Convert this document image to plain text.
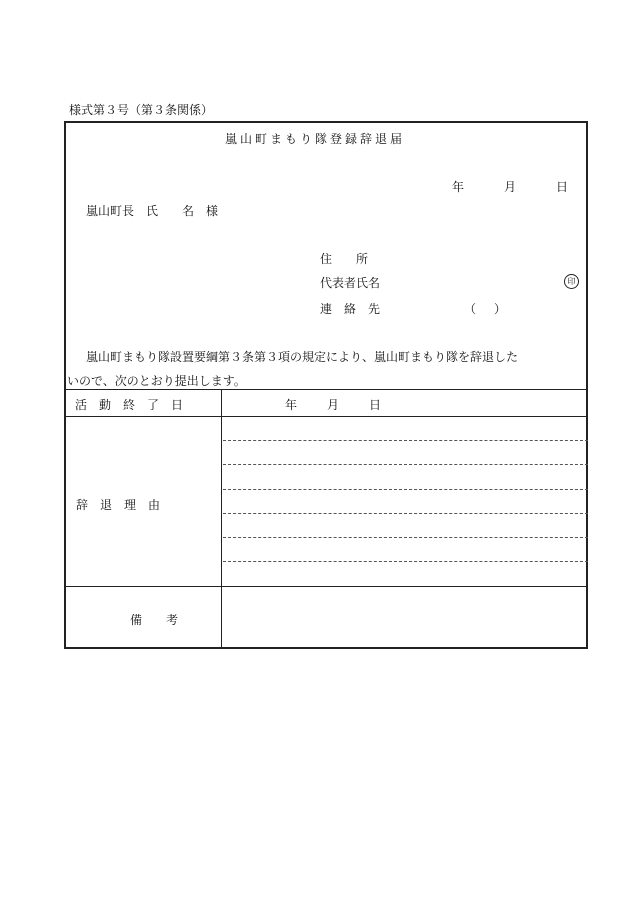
様式第３号（第３条関係）
嵐山町まもり隊登録辞退届
年	月	日
嵐山町長　氏　　名　様
住　　所
代表者氏名	印
連　絡　先	（ ）
嵐山町まもり隊設置要綱第３条第３項の規定により、嵐山町まもり隊を辞退した
いので、次のとおり提出します。
活　動　終　了　日	年 月 日
辞　退　理　由
備　　考
